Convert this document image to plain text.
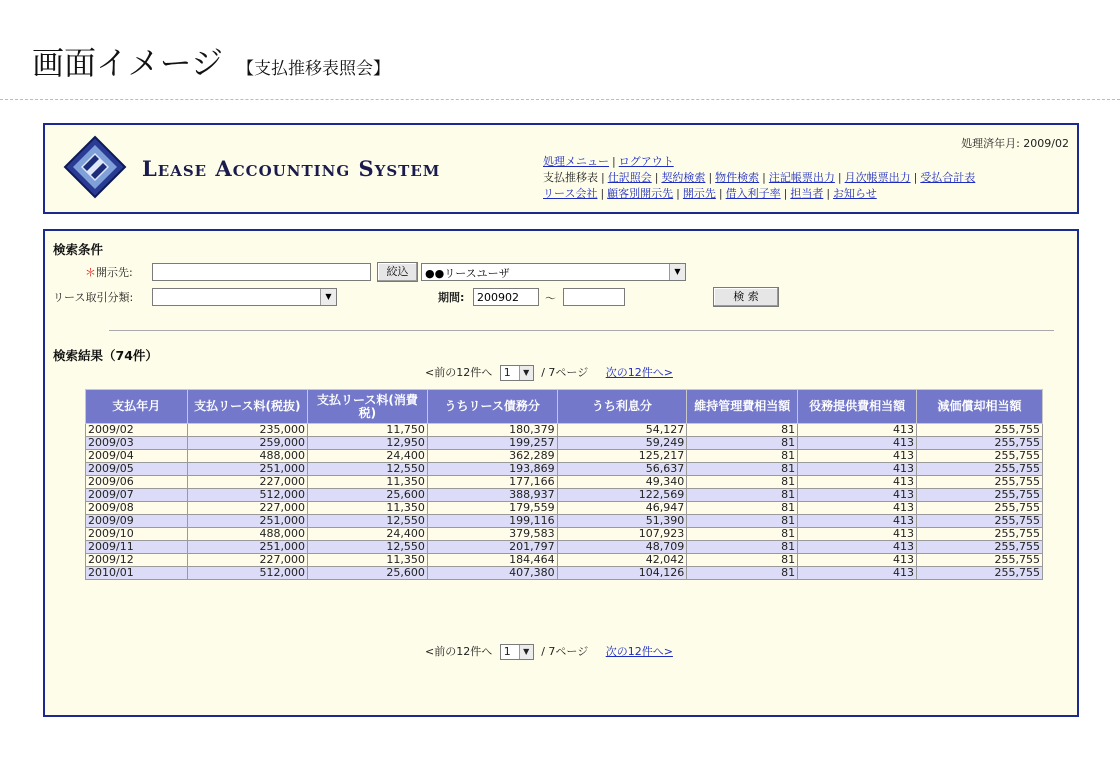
画面イメージ 【支払推移表照会】
Lease Accounting System
処理済年月: 2009/02
処理メニュー | ログアウト
支払推移表 | 仕訳照会 | 契約検索 | 物件検索 | 注記帳票出力 | 月次帳票出力 | 受払合計表
リース会社 | 顧客別開示先 | 開示先 | 借入利子率 | 担当者 | お知らせ
検索条件
＊開示先:	絞込	●●リースユーザ	▼
リース取引分類:	▼	期間:
200902	～	検 索
検索結果（74件）
<前の12件へ 1	▼	/ 7ページ 次の12件へ>
支払年月	支払リース料(税抜)	支払リース料(消費税)	うちリース債務分	うち利息分	維持管理費相当額	役務提供費相当額	減価償却相当額
2009/02	235,000	11,750	180,379	54,127	81	413	255,755
2009/03	259,000	12,950	199,257	59,249	81	413	255,755
2009/04	488,000	24,400	362,289	125,217	81	413	255,755
2009/05	251,000	12,550	193,869	56,637	81	413	255,755
2009/06	227,000	11,350	177,166	49,340	81	413	255,755
2009/07	512,000	25,600	388,937	122,569	81	413	255,755
2009/08	227,000	11,350	179,559	46,947	81	413	255,755
2009/09	251,000	12,550	199,116	51,390	81	413	255,755
2009/10	488,000	24,400	379,583	107,923	81	413	255,755
2009/11	251,000	12,550	201,797	48,709	81	413	255,755
2009/12	227,000	11,350	184,464	42,042	81	413	255,755
2010/01	512,000	25,600	407,380	104,126	81	413	255,755
<前の12件へ 1	▼	/ 7ページ 次の12件へ>
